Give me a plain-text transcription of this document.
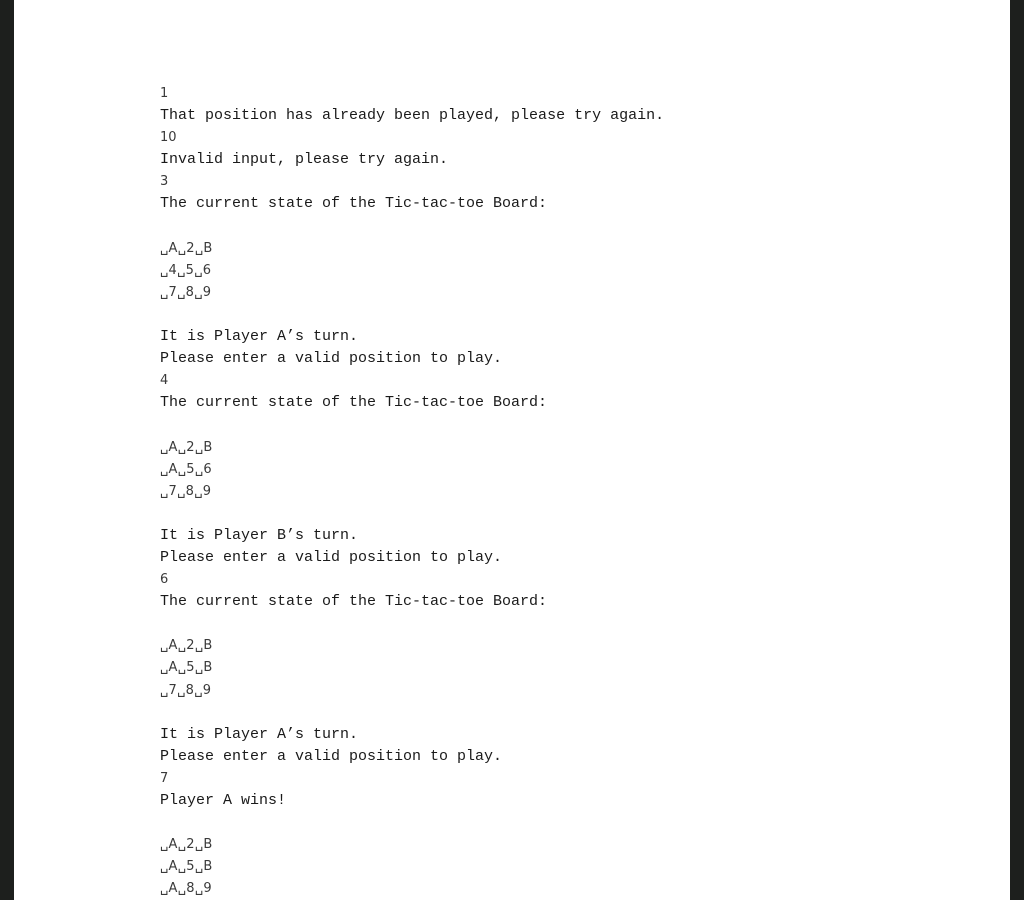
1
That position has already been played, please try again.
10
Invalid input, please try again.
3
The current state of the Tic-tac-toe Board:
␣A␣2␣B
␣4␣5␣6
␣7␣8␣9
It is Player A’s turn.
Please enter a valid position to play.
4
The current state of the Tic-tac-toe Board:
␣A␣2␣B
␣A␣5␣6
␣7␣8␣9
It is Player B’s turn.
Please enter a valid position to play.
6
The current state of the Tic-tac-toe Board:
␣A␣2␣B
␣A␣5␣B
␣7␣8␣9
It is Player A’s turn.
Please enter a valid position to play.
7
Player A wins!
␣A␣2␣B
␣A␣5␣B
␣A␣8␣9
